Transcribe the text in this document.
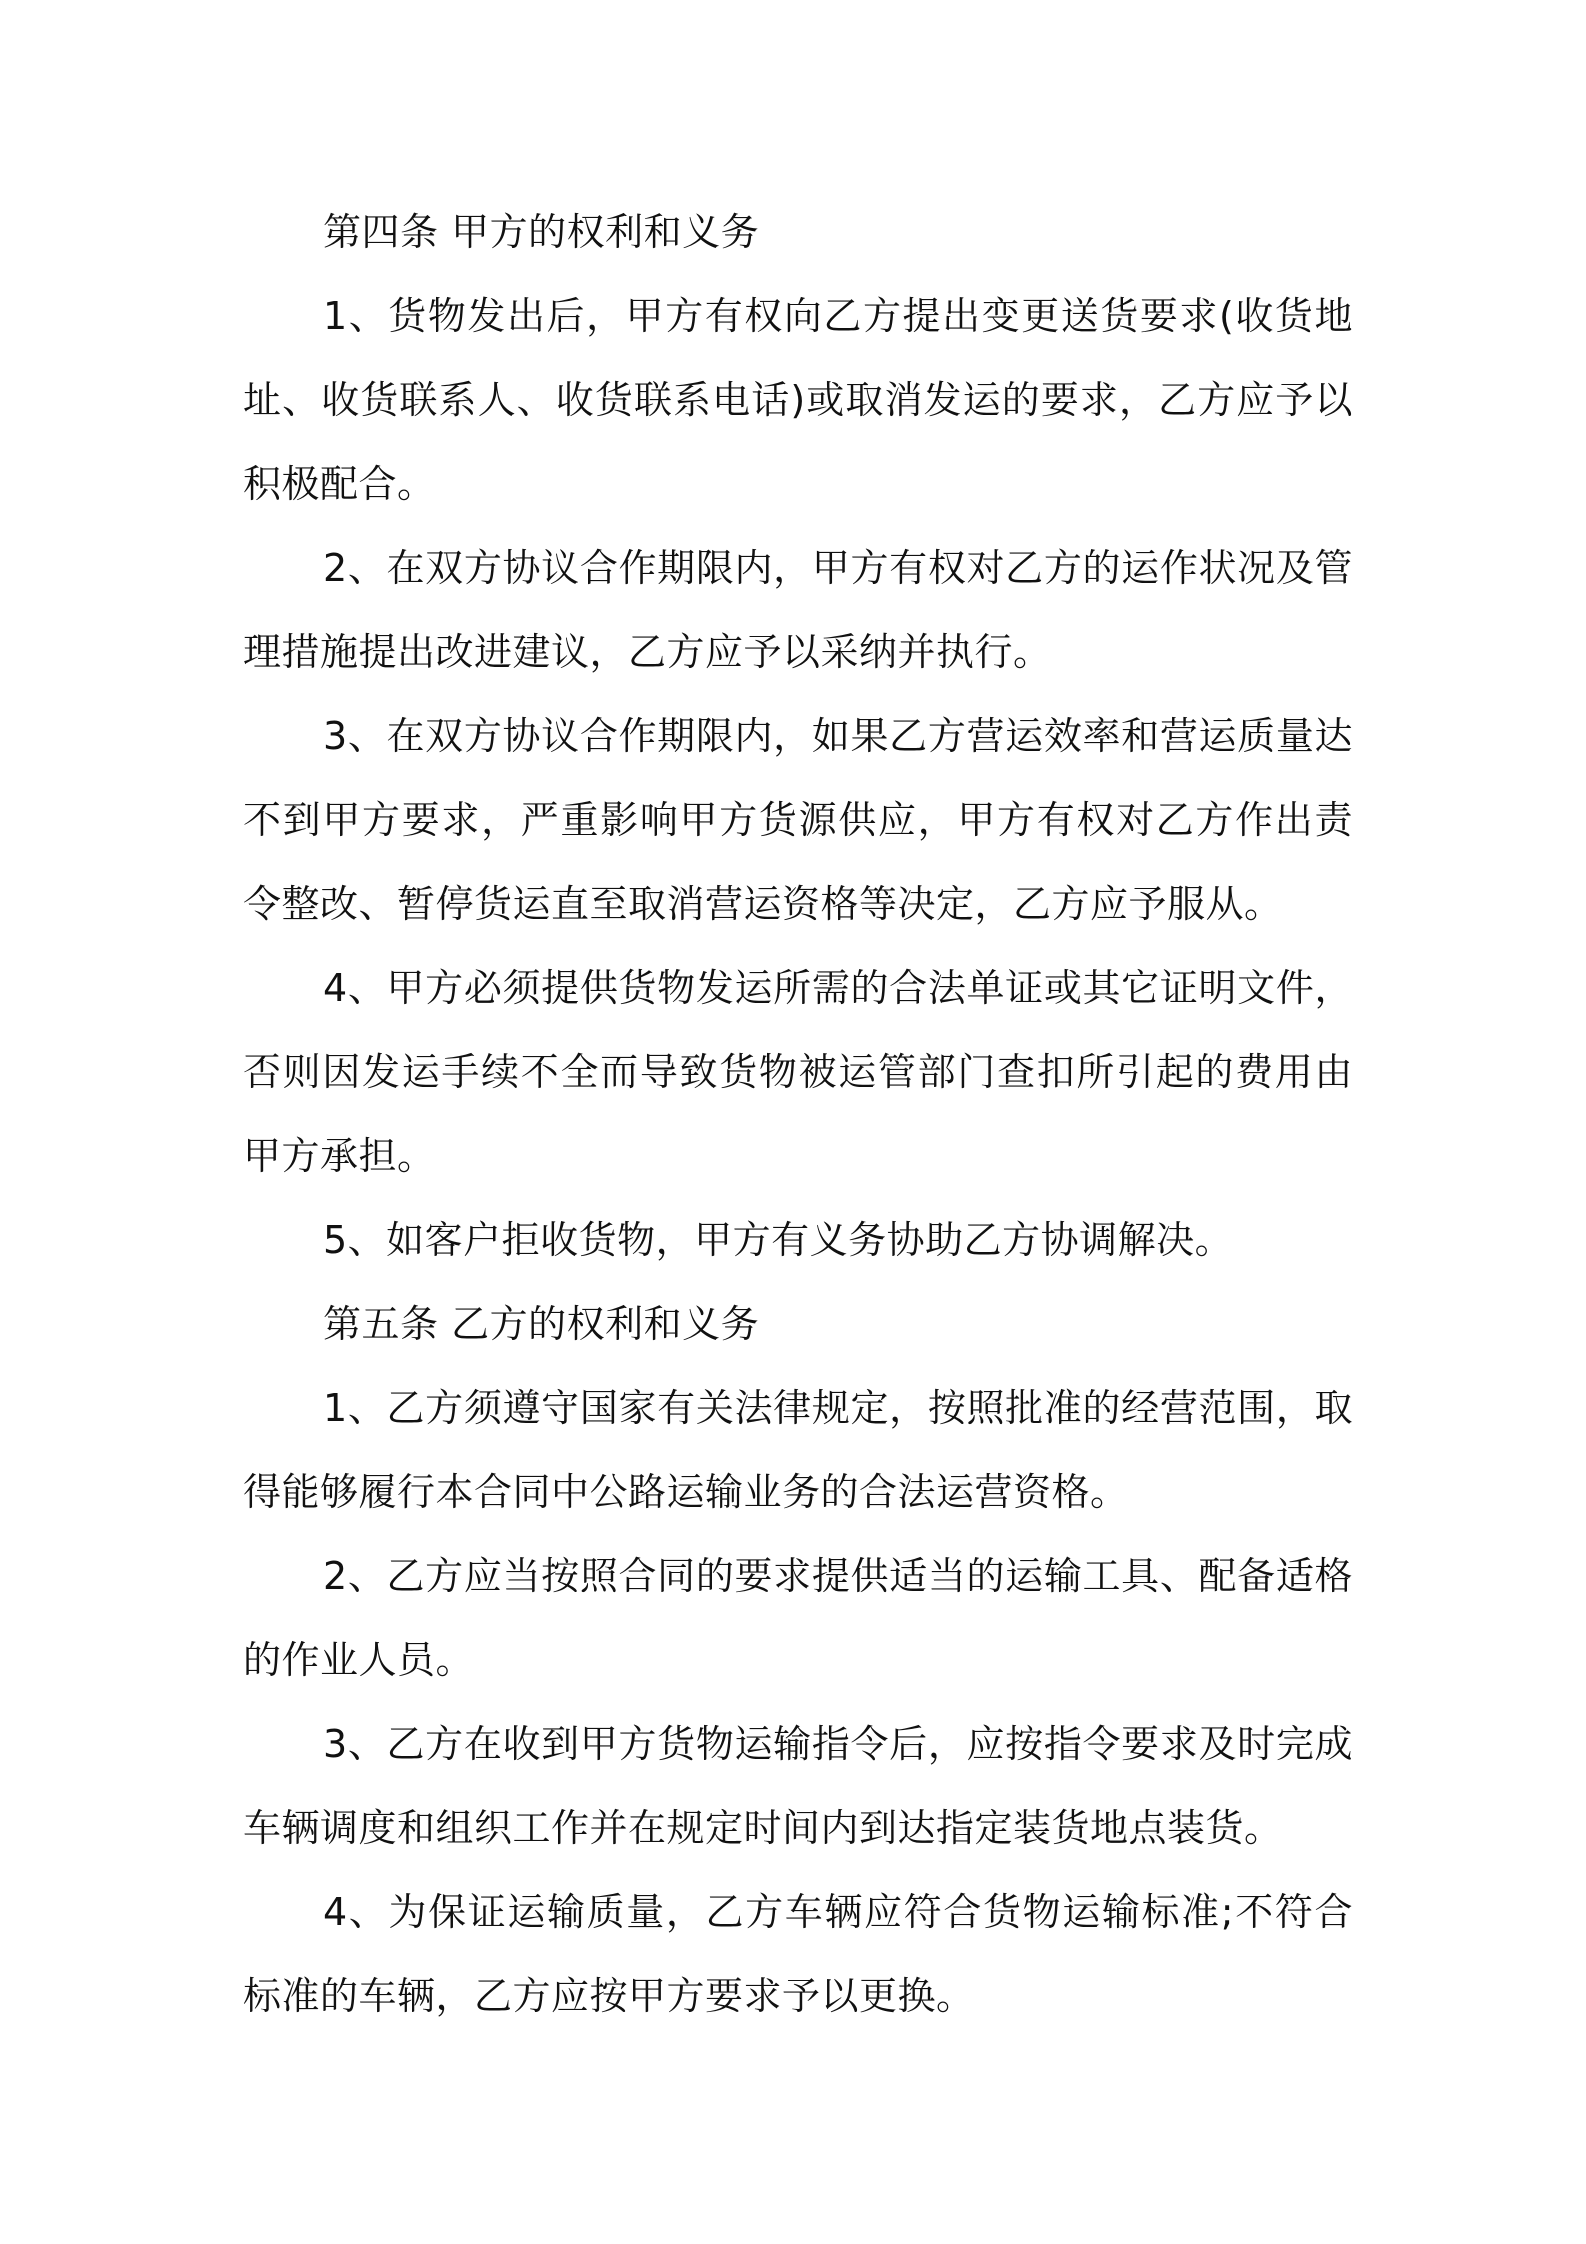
第四条 甲方的权利和义务

1、货物发出后，甲方有权向乙方提出变更送货要求(收货地址、收货联系人、收货联系电话)或取消发运的要求，乙方应予以积极配合。

2、在双方协议合作期限内，甲方有权对乙方的运作状况及管理措施提出改进建议，乙方应予以采纳并执行。

3、在双方协议合作期限内，如果乙方营运效率和营运质量达不到甲方要求，严重影响甲方货源供应，甲方有权对乙方作出责令整改、暂停货运直至取消营运资格等决定，乙方应予服从。

4、甲方必须提供货物发运所需的合法单证或其它证明文件，否则因发运手续不全而导致货物被运管部门查扣所引起的费用由甲方承担。

5、如客户拒收货物，甲方有义务协助乙方协调解决。

第五条 乙方的权利和义务

1、乙方须遵守国家有关法律规定，按照批准的经营范围，取得能够履行本合同中公路运输业务的合法运营资格。

2、乙方应当按照合同的要求提供适当的运输工具、配备适格的作业人员。

3、乙方在收到甲方货物运输指令后，应按指令要求及时完成车辆调度和组织工作并在规定时间内到达指定装货地点装货。

4、为保证运输质量，乙方车辆应符合货物运输标准;不符合标准的车辆，乙方应按甲方要求予以更换。
